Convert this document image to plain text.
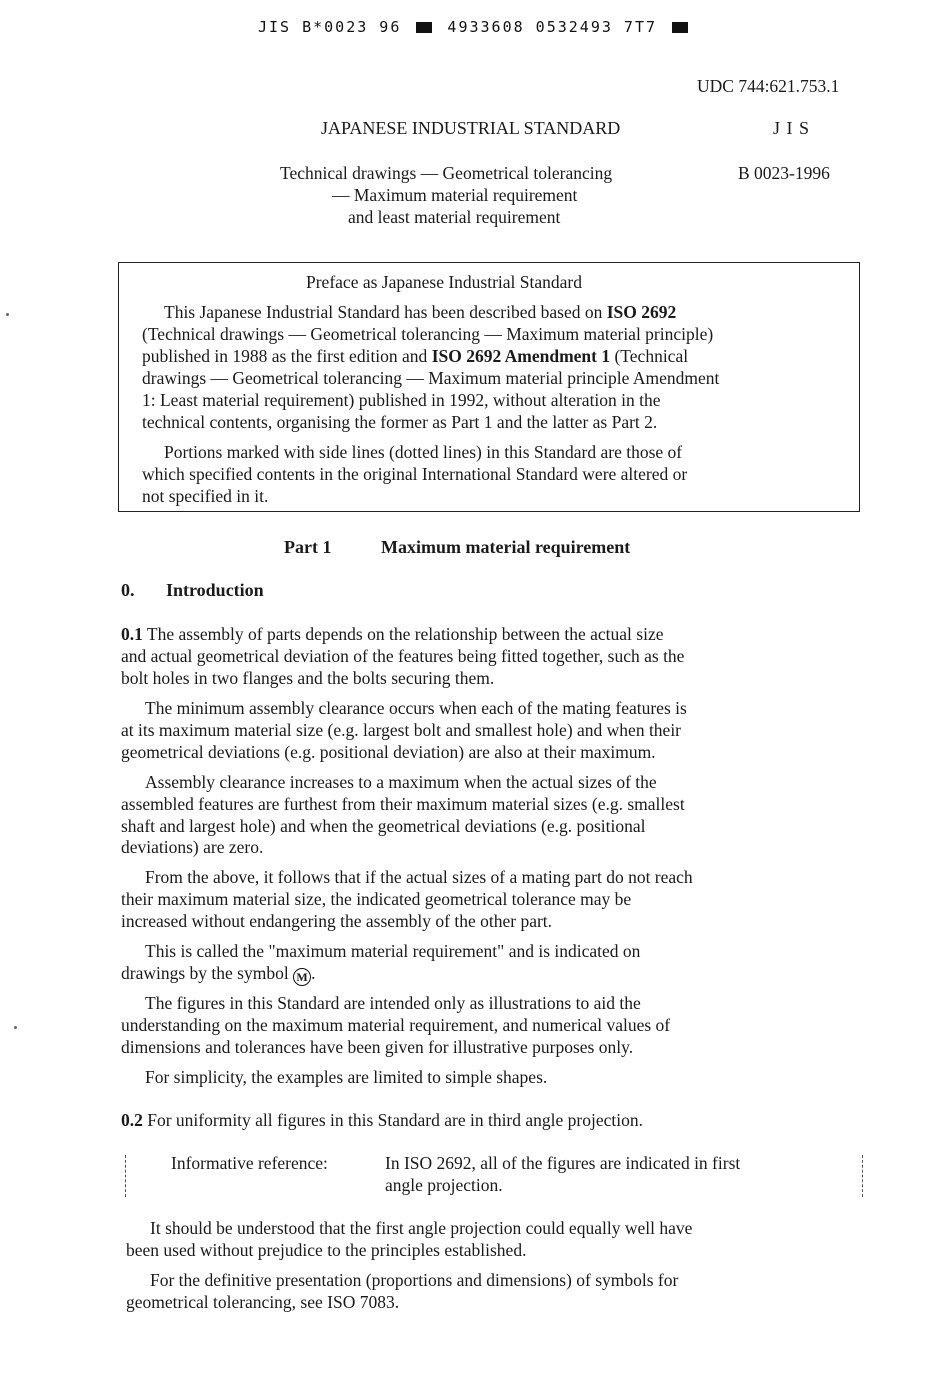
JIS B*0023 96	4933608 0532493 7T7
UDC 744:621.753.1
JAPANESE INDUSTRIAL STANDARD	J I S
Technical drawings — Geometrical tolerancing	B 0023-1996
— Maximum material requirement
and least material requirement
Preface as Japanese Industrial Standard
This Japanese Industrial Standard has been described based on ISO 2692
(Technical drawings — Geometrical tolerancing — Maximum material principle)
published in 1988 as the first edition and ISO 2692 Amendment 1 (Technical
drawings — Geometrical tolerancing — Maximum material principle Amendment
1: Least material requirement) published in 1992, without alteration in the
technical contents, organising the former as Part 1 and the latter as Part 2.
Portions marked with side lines (dotted lines) in this Standard are those of
which specified contents in the original International Standard were altered or
not specified in it.
Part 1	Maximum material requirement
0. Introduction
0.1 The assembly of parts depends on the relationship between the actual size
and actual geometrical deviation of the features being fitted together, such as the
bolt holes in two flanges and the bolts securing them.
The minimum assembly clearance occurs when each of the mating features is
at its maximum material size (e.g. largest bolt and smallest hole) and when their
geometrical deviations (e.g. positional deviation) are also at their maximum.
Assembly clearance increases to a maximum when the actual sizes of the
assembled features are furthest from their maximum material sizes (e.g. smallest
shaft and largest hole) and when the geometrical deviations (e.g. positional
deviations) are zero.
From the above, it follows that if the actual sizes of a mating part do not reach
their maximum material size, the indicated geometrical tolerance may be
increased without endangering the assembly of the other part.
This is called the "maximum material requirement" and is indicated on
drawings by the symbol M .
The figures in this Standard are intended only as illustrations to aid the
understanding on the maximum material requirement, and numerical values of
dimensions and tolerances have been given for illustrative purposes only.
For simplicity, the examples are limited to simple shapes.
0.2 For uniformity all figures in this Standard are in third angle projection.
Informative reference:	In ISO 2692, all of the figures are indicated in first
angle projection.
It should be understood that the first angle projection could equally well have
been used without prejudice to the principles established.
For the definitive presentation (proportions and dimensions) of symbols for
geometrical tolerancing, see ISO 7083.
